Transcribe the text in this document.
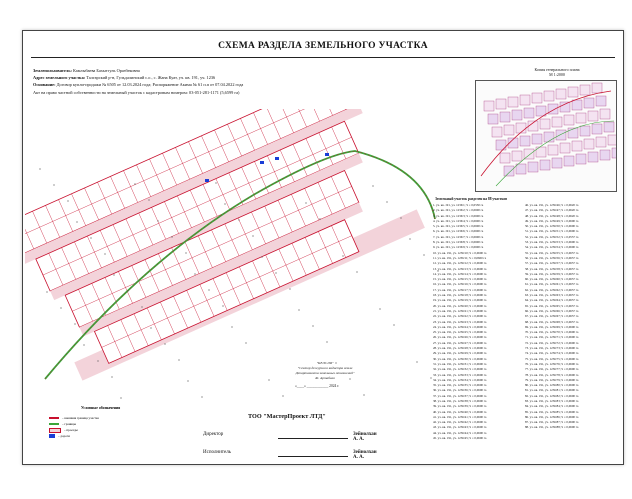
СХЕМА РАЗДЕЛА ЗЕМЕЛЬНОГО УЧАСТКА
Землепользователь: Камлыбаева Бахытгуль Оразбековна
Адрес земельного участка: Талгарский р-н, Гульдалинский с.о., с. Жана Куат, уч. кв. 191, уч. 1236
Основание: Договор купли-продажи № 6505 от 12.03.2024 года; Распоряжение Акима № 61 п.п от 07.04.2022 года
Акт на право частной собственности на земельный участок с кадастровым номером: 03-051-281-1171 (5,6599 га)
Копия генерального плана
М 1:2000
Земельный участок разделен на 88 участков
1. уч. кв. 191, уч. 1236/1; S = 0,0530 га
2. уч. кв. 191, уч. 1236/2; S = 0,0600 га
3. уч. кв. 191, уч. 1236/3; S = 0,0600 га
4. уч. кв. 191, уч. 1236/4; S = 0,0600 га
5. уч. кв. 191, уч. 1236/5; S = 0,0600 га
6. уч. кв. 191, уч. 1236/6; S = 0,0600 га
7. уч. кв. 191, уч. 1236/7; S = 0,0600 га
8. уч. кв. 191, уч. 1236/8; S = 0,0600 га
9. уч. кв. 191, уч. 1236/9; S = 0,0600 га
10. уч. кв. 191, уч. 1236/10; S = 0,0600 га
11. уч. кв. 191, уч. 1236/11; S = 0,0600 га
12. уч. кв. 191, уч. 1236/12; S = 0,0600 га
13. уч. кв. 191, уч. 1236/13; S = 0,0600 га
14. уч. кв. 191, уч. 1236/14; S = 0,0600 га
15. уч. кв. 191, уч. 1236/15; S = 0,0600 га
16. уч. кв. 191, уч. 1236/16; S = 0,0600 га
17. уч. кв. 191, уч. 1236/17; S = 0,0600 га
18. уч. кв. 191, уч. 1236/18; S = 0,0600 га
19. уч. кв. 191, уч. 1236/19; S = 0,0600 га
20. уч. кв. 191, уч. 1236/20; S = 0,0600 га
21. уч. кв. 191, уч. 1236/21; S = 0,0600 га
22. уч. кв. 191, уч. 1236/22; S = 0,0600 га
23. уч. кв. 191, уч. 1236/23; S = 0,0600 га
24. уч. кв. 191, уч. 1236/24; S = 0,0600 га
25. уч. кв. 191, уч. 1236/25; S = 0,0600 га
26. уч. кв. 191, уч. 1236/26; S = 0,0600 га
27. уч. кв. 191, уч. 1236/27; S = 0,0600 га
28. уч. кв. 191, уч. 1236/28; S = 0,0600 га
29. уч. кв. 191, уч. 1236/29; S = 0,0600 га
30. уч. кв. 191, уч. 1236/30; S = 0,0600 га
31. уч. кв. 191, уч. 1236/31; S = 0,0600 га
32. уч. кв. 191, уч. 1236/32; S = 0,0600 га
33. уч. кв. 191, уч. 1236/33; S = 0,0600 га
34. уч. кв. 191, уч. 1236/34; S = 0,0600 га
35. уч. кв. 191, уч. 1236/35; S = 0,0600 га
36. уч. кв. 191, уч. 1236/36; S = 0,0600 га
37. уч. кв. 191, уч. 1236/37; S = 0,0600 га
38. уч. кв. 191, уч. 1236/38; S = 0,0600 га
39. уч. кв. 191, уч. 1236/39; S = 0,0600 га
40. уч. кв. 191, уч. 1236/40; S = 0,0600 га
41. уч. кв. 191, уч. 1236/41; S = 0,0600 га
42. уч. кв. 191, уч. 1236/42; S = 0,0600 га
43. уч. кв. 191, уч. 1236/43; S = 0,0600 га
44. уч. кв. 191, уч. 1236/44; S = 0,0600 га
45. уч. кв. 191, уч. 1236/45; S = 0,0600 га
46. уч. кв. 191, уч. 1236/46; S = 0,0620 га
47. уч. кв. 191, уч. 1236/47; S = 0,0620 га
48. уч. кв. 191, уч. 1236/48; S = 0,0620 га
49. уч. кв. 191, уч. 1236/49; S = 0,0600 га
50. уч. кв. 191, уч. 1236/50; S = 0,0600 га
51. уч. кв. 191, уч. 1236/51; S = 0,0600 га
52. уч. кв. 191, уч. 1236/52; S = 0,0557 га
53. уч. кв. 191, уч. 1236/53; S = 0,0600 га
54. уч. кв. 191, уч. 1236/54; S = 0,0600 га
55. уч. кв. 191, уч. 1236/55; S = 0,0657 га
56. уч. кв. 191, уч. 1236/56; S = 0,0657 га
57. уч. кв. 191, уч. 1236/57; S = 0,0657 га
58. уч. кв. 191, уч. 1236/58; S = 0,0657 га
59. уч. кв. 191, уч. 1236/59; S = 0,0657 га
60. уч. кв. 191, уч. 1236/60; S = 0,0657 га
61. уч. кв. 191, уч. 1236/61; S = 0,0657 га
62. уч. кв. 191, уч. 1236/62; S = 0,0657 га
63. уч. кв. 191, уч. 1236/63; S = 0,0657 га
64. уч. кв. 191, уч. 1236/64; S = 0,0657 га
65. уч. кв. 191, уч. 1236/65; S = 0,0657 га
66. уч. кв. 191, уч. 1236/66; S = 0,0657 га
67. уч. кв. 191, уч. 1236/67; S = 0,0657 га
68. уч. кв. 191, уч. 1236/68; S = 0,0657 га
69. уч. кв. 191, уч. 1236/69; S = 0,0600 га
70. уч. кв. 191, уч. 1236/70; S = 0,0600 га
71. уч. кв. 191, уч. 1236/71; S = 0,0600 га
72. уч. кв. 191, уч. 1236/72; S = 0,0600 га
73. уч. кв. 191, уч. 1236/73; S = 0,0600 га
74. уч. кв. 191, уч. 1236/74; S = 0,0600 га
75. уч. кв. 191, уч. 1236/75; S = 0,0600 га
76. уч. кв. 191, уч. 1236/76; S = 0,0600 га
77. уч. кв. 191, уч. 1236/77; S = 0,0600 га
78. уч. кв. 191, уч. 1236/78; S = 0,0600 га
79. уч. кв. 191, уч. 1236/79; S = 0,0600 га
80. уч. кв. 191, уч. 1236/80; S = 0,0600 га
81. уч. кв. 191, уч. 1236/81; S = 0,0600 га
82. уч. кв. 191, уч. 1236/82; S = 0,0600 га
83. уч. кв. 191, уч. 1236/83; S = 0,0600 га
84. уч. кв. 191, уч. 1236/84; S = 0,0600 га
85. уч. кв. 191, уч. 1236/85; S = 0,0600 га
86. уч. кв. 191, уч. 1236/86; S = 0,0600 га
87. уч. кв. 191, уч. 1236/87; S = 0,0600 га
88. уч. кв. 191, уч. 1236/88; S = 0,0600 га
"КЕЛСЛЯ"
"Сектор дежурного кадастра земли
Департамента земельных отношений"
Ж. Артабаев
«____» ____________ 2024 г.
Условные обозначения
– внешняя граница участка
– границы
– проезды
– дороги
ТОО "МастерПроект ЛТД"
Директор	Зейнолхан А. А.
Исполнитель	Зейнолхан А. А.
